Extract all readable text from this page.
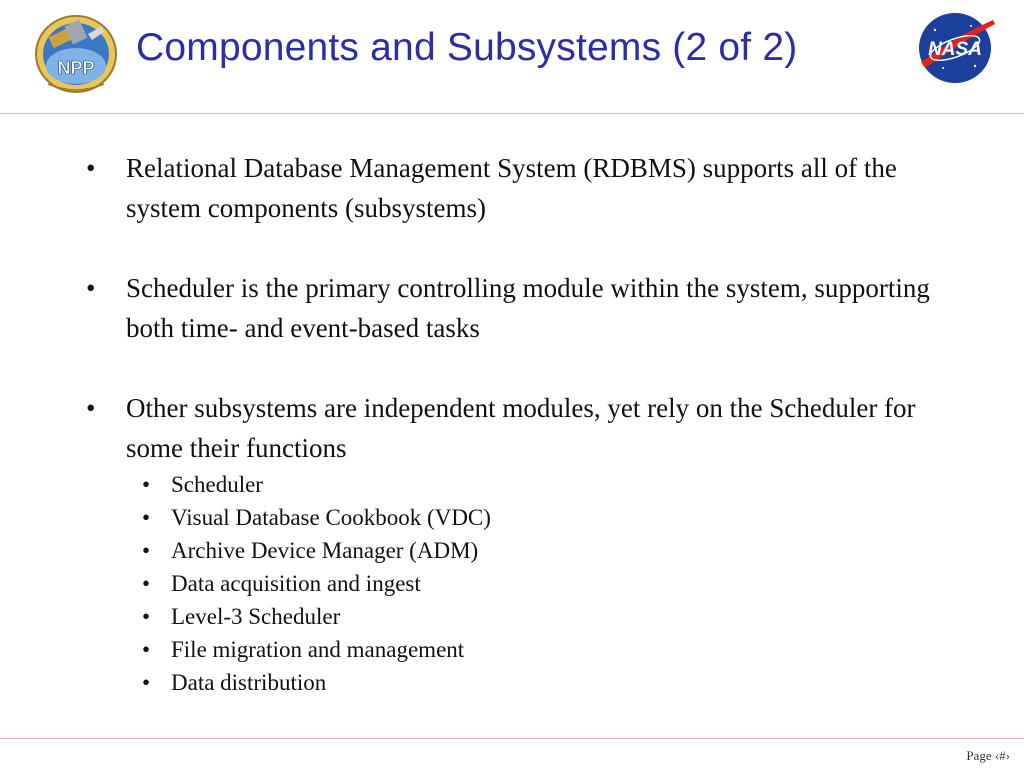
NPP Components and Subsystems (2 of 2)	NASA
• Relational Database Management System (RDBMS) supports all of the system components (subsystems)
• Scheduler is the primary controlling module within the system, supporting both time- and event-based tasks
• Other subsystems are independent modules, yet rely on the Scheduler for some their functions
• Scheduler
• Visual Database Cookbook (VDC)
• Archive Device Manager (ADM)
• Data acquisition and ingest
• Level-3 Scheduler
• File migration and management
• Data distribution
Page ‹#›
